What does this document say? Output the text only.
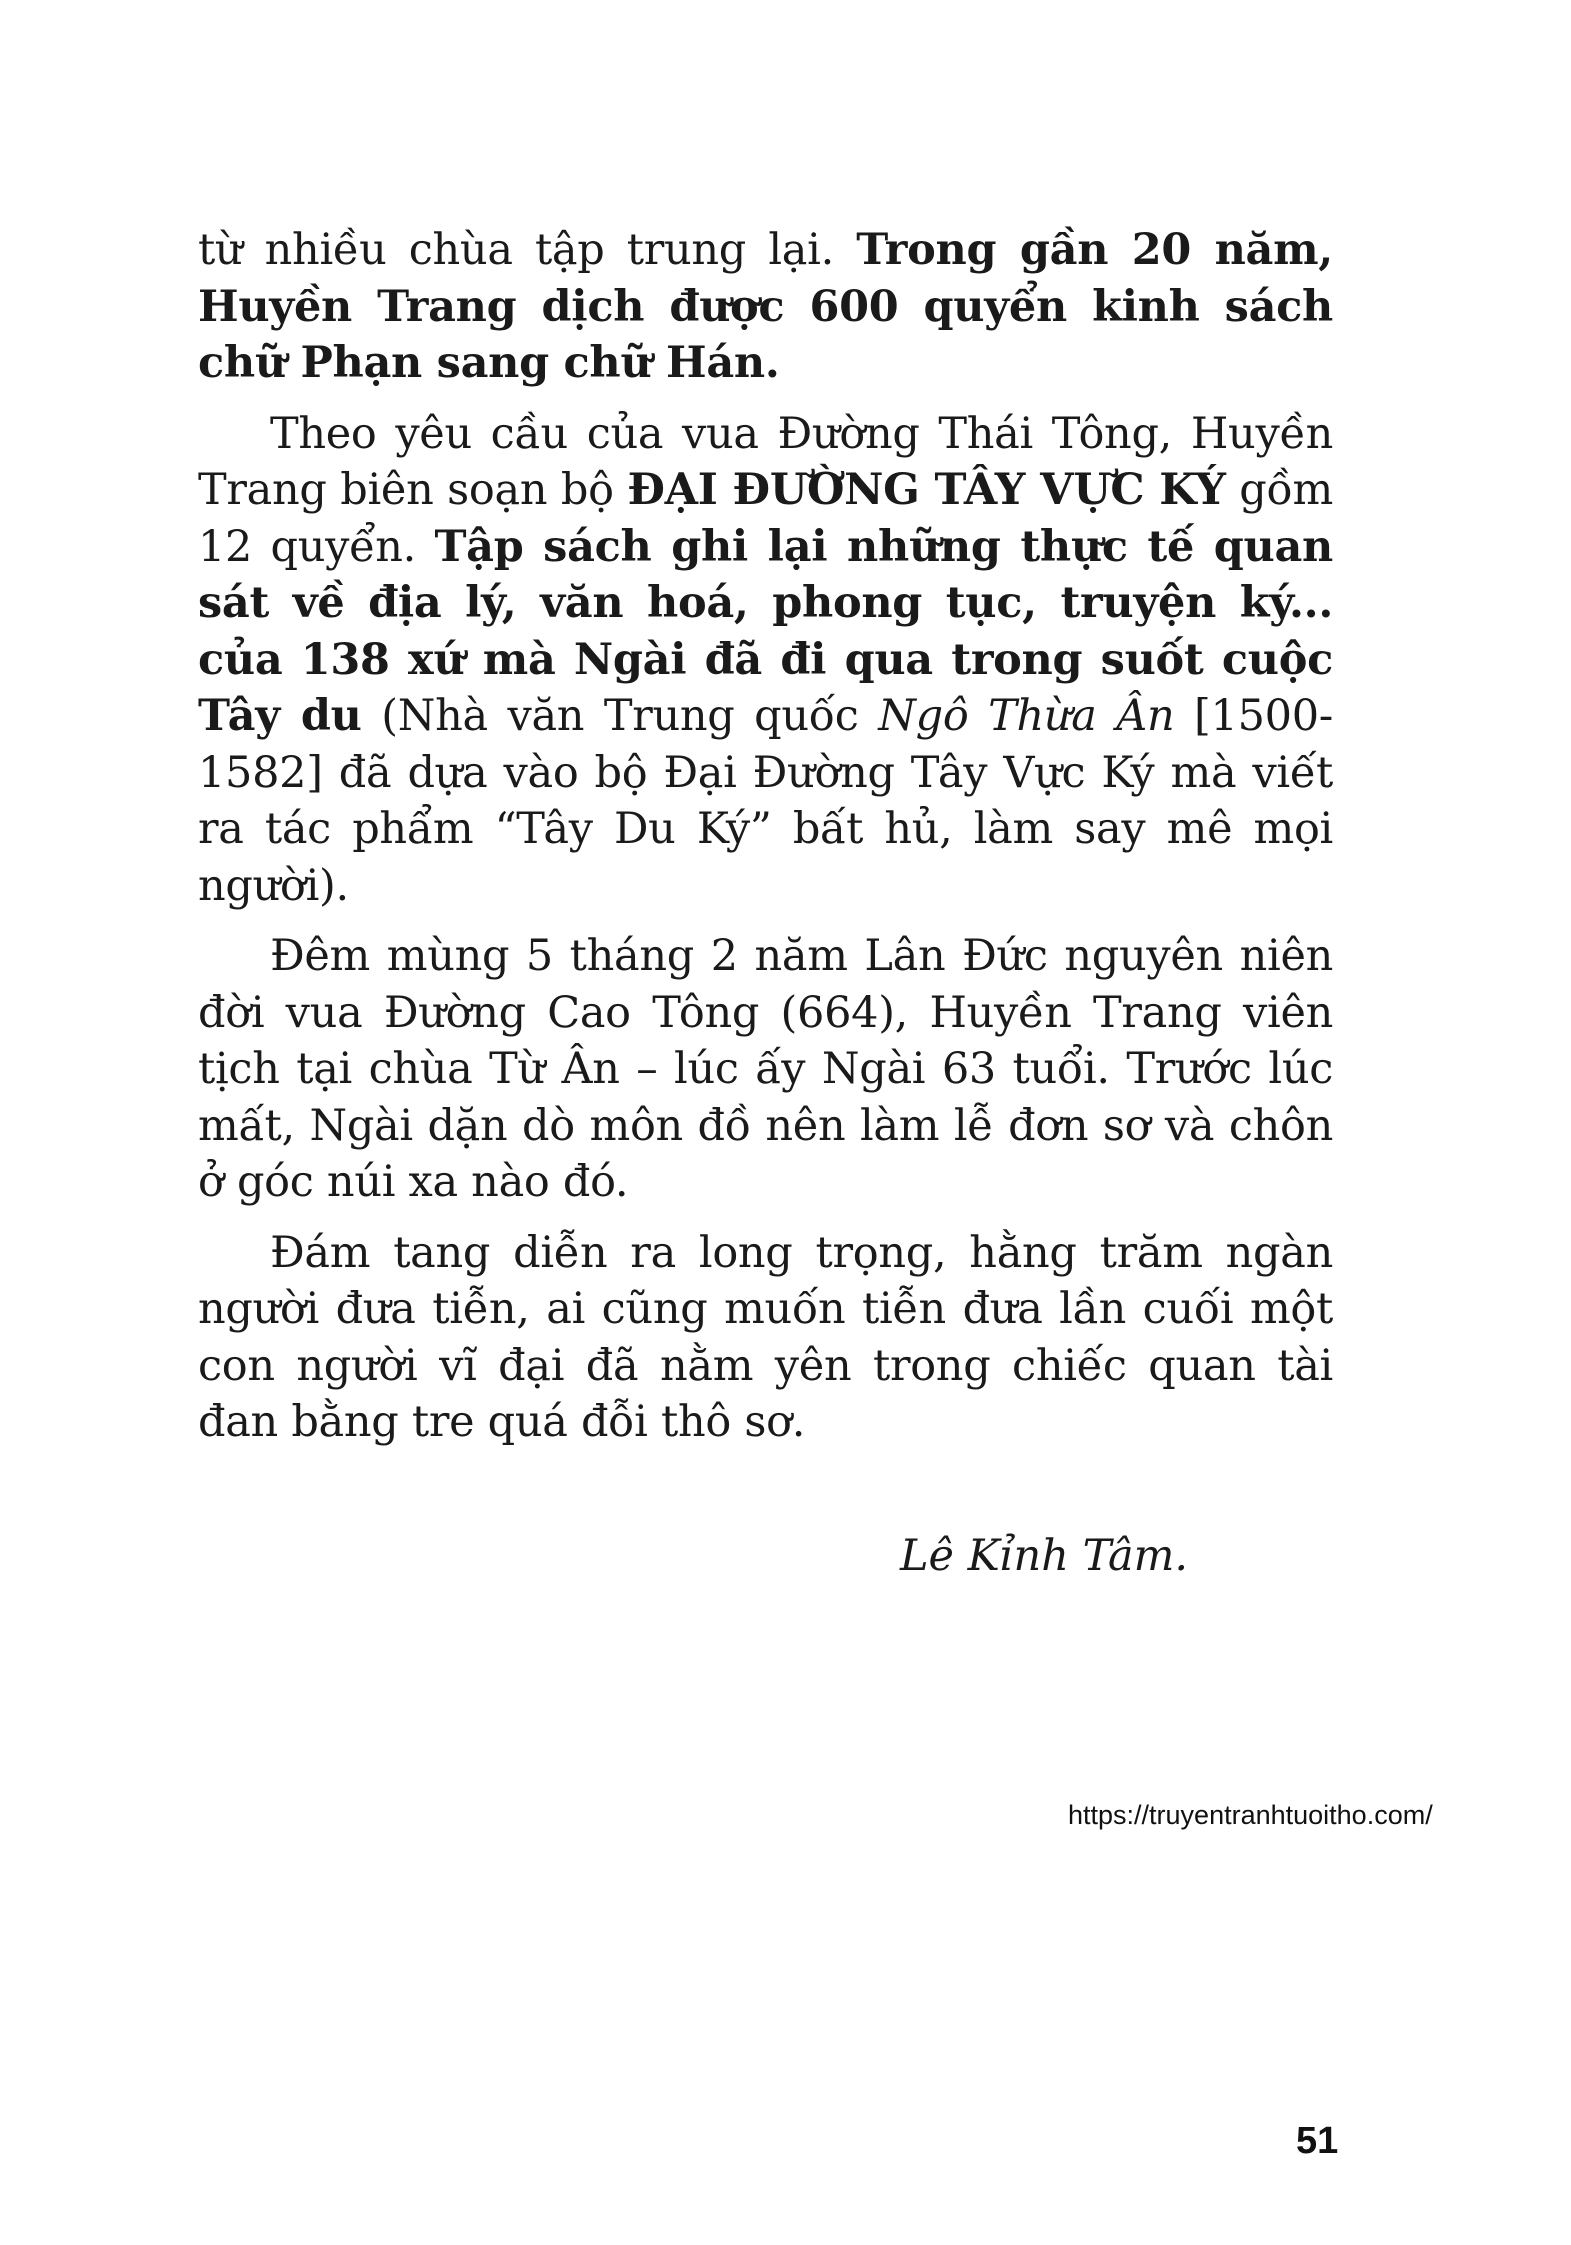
từ nhiều chùa tập trung lại. Trong gần 20 năm, Huyền Trang dịch được 600 quyển kinh sách chữ Phạn sang chữ Hán.

Theo yêu cầu của vua Đường Thái Tông, Huyền Trang biên soạn bộ ĐẠI ĐƯỜNG TÂY VỰC KÝ gồm 12 quyển. Tập sách ghi lại những thực tế quan sát về địa lý, văn hoá, phong tục, truyện ký... của 138 xứ mà Ngài đã đi qua trong suốt cuộc Tây du (Nhà văn Trung quốc Ngô Thừa Ân [1500-1582] đã dựa vào bộ Đại Đường Tây Vực Ký mà viết ra tác phẩm “Tây Du Ký” bất hủ, làm say mê mọi người).

Đêm mùng 5 tháng 2 năm Lân Đức nguyên niên đời vua Đường Cao Tông (664), Huyền Trang viên tịch tại chùa Từ Ân – lúc ấy Ngài 63 tuổi. Trước lúc mất, Ngài dặn dò môn đồ nên làm lễ đơn sơ và chôn ở góc núi xa nào đó.

Đám tang diễn ra long trọng, hằng trăm ngàn người đưa tiễn, ai cũng muốn tiễn đưa lần cuối một con người vĩ đại đã nằm yên trong chiếc quan tài đan bằng tre quá đỗi thô sơ.

Lê Kỉnh Tâm.
https://truyentranhtuoitho.com/
51
